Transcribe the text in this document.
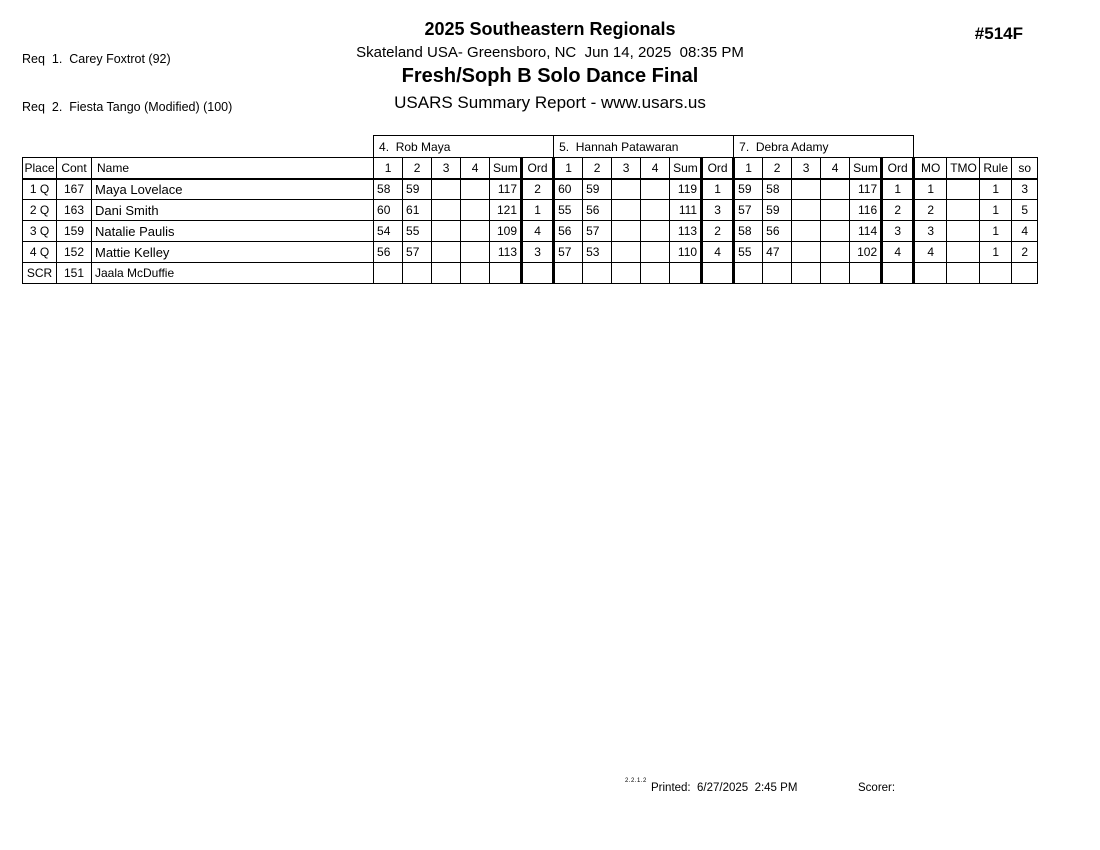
Req  1.  Carey Foxtrot (92)

Req  2.  Fiesta Tango (Modified) (100)

2025 Southeastern Regionals
Skateland USA- Greensboro, NC  Jun 14, 2025  08:35 PM
Fresh/Soph B Solo Dance Final
USARS Summary Report - www.usars.us
#514F
			4.  Rob Maya						5.  Hannah Patawaran						7.  Debra Adamy									
Place	Cont	Name	1	2	3	4	Sum	Ord	1	2	3	4	Sum	Ord	1	2	3	4	Sum	Ord	MO	TMO	Rule	so
1 Q	167	Maya Lovelace	58	59			117	2	60	59			119	1	59	58			117	1	1		1	3
2 Q	163	Dani Smith	60	61			121	1	55	56			111	3	57	59			116	2	2		1	5
3 Q	159	Natalie Paulis	54	55			109	4	56	57			113	2	58	56			114	3	3		1	4
4 Q	152	Mattie Kelley	56	57			113	3	57	53			110	4	55	47			102	4	4		1	2
SCR	151	Jaala McDuffie																						
2.2.1.2
Printed:  6/27/2025  2:45 PM	Scorer:
